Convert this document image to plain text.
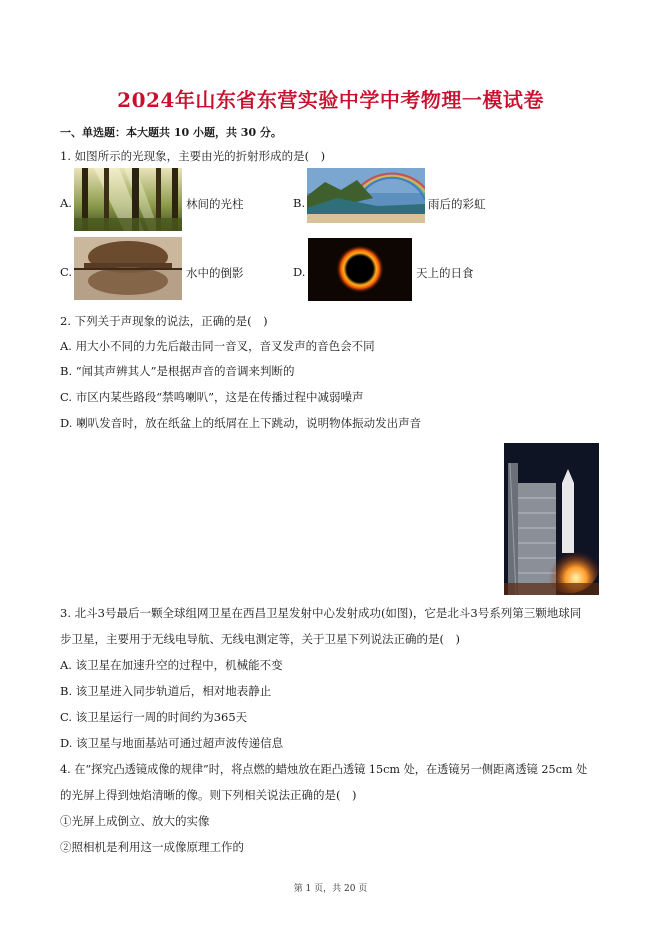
2024年山东省东营实验中学中考物理一模试卷
一、单选题：本大题共 10 小题，共 30 分。
1. 如图所示的光现象，主要由光的折射形成的是(　)
A.	林间的光柱	B.	雨后的彩虹
C.	水中的倒影	D.	天上的日食
2. 下列关于声现象的说法，正确的是(　)
A. 用大小不同的力先后敲击同一音叉，音叉发声的音色会不同
B. “闻其声辨其人”是根据声音的音调来判断的
C. 市区内某些路段“禁鸣喇叭”，这是在传播过程中减弱噪声
D. 喇叭发音时，放在纸盆上的纸屑在上下跳动，说明物体振动发出声音
3. 北斗3号最后一颗全球组网卫星在西昌卫星发射中心发射成功(如图)，它是北斗3号系列第三颗地球同
步卫星，主要用于无线电导航、无线电测定等，关于卫星下列说法正确的是(　)
A. 该卫星在加速升空的过程中，机械能不变
B. 该卫星进入同步轨道后，相对地表静止
C. 该卫星运行一周的时间约为365天
D. 该卫星与地面基站可通过超声波传递信息
4. 在“探究凸透镜成像的规律”时，将点燃的蜡烛放在距凸透镜 15cm 处，在透镜另一侧距离透镜 25cm 处
的光屏上得到烛焰清晰的像。则下列相关说法正确的是(　)
①光屏上成倒立、放大的实像
②照相机是利用这一成像原理工作的
第 1 页，共 20 页
